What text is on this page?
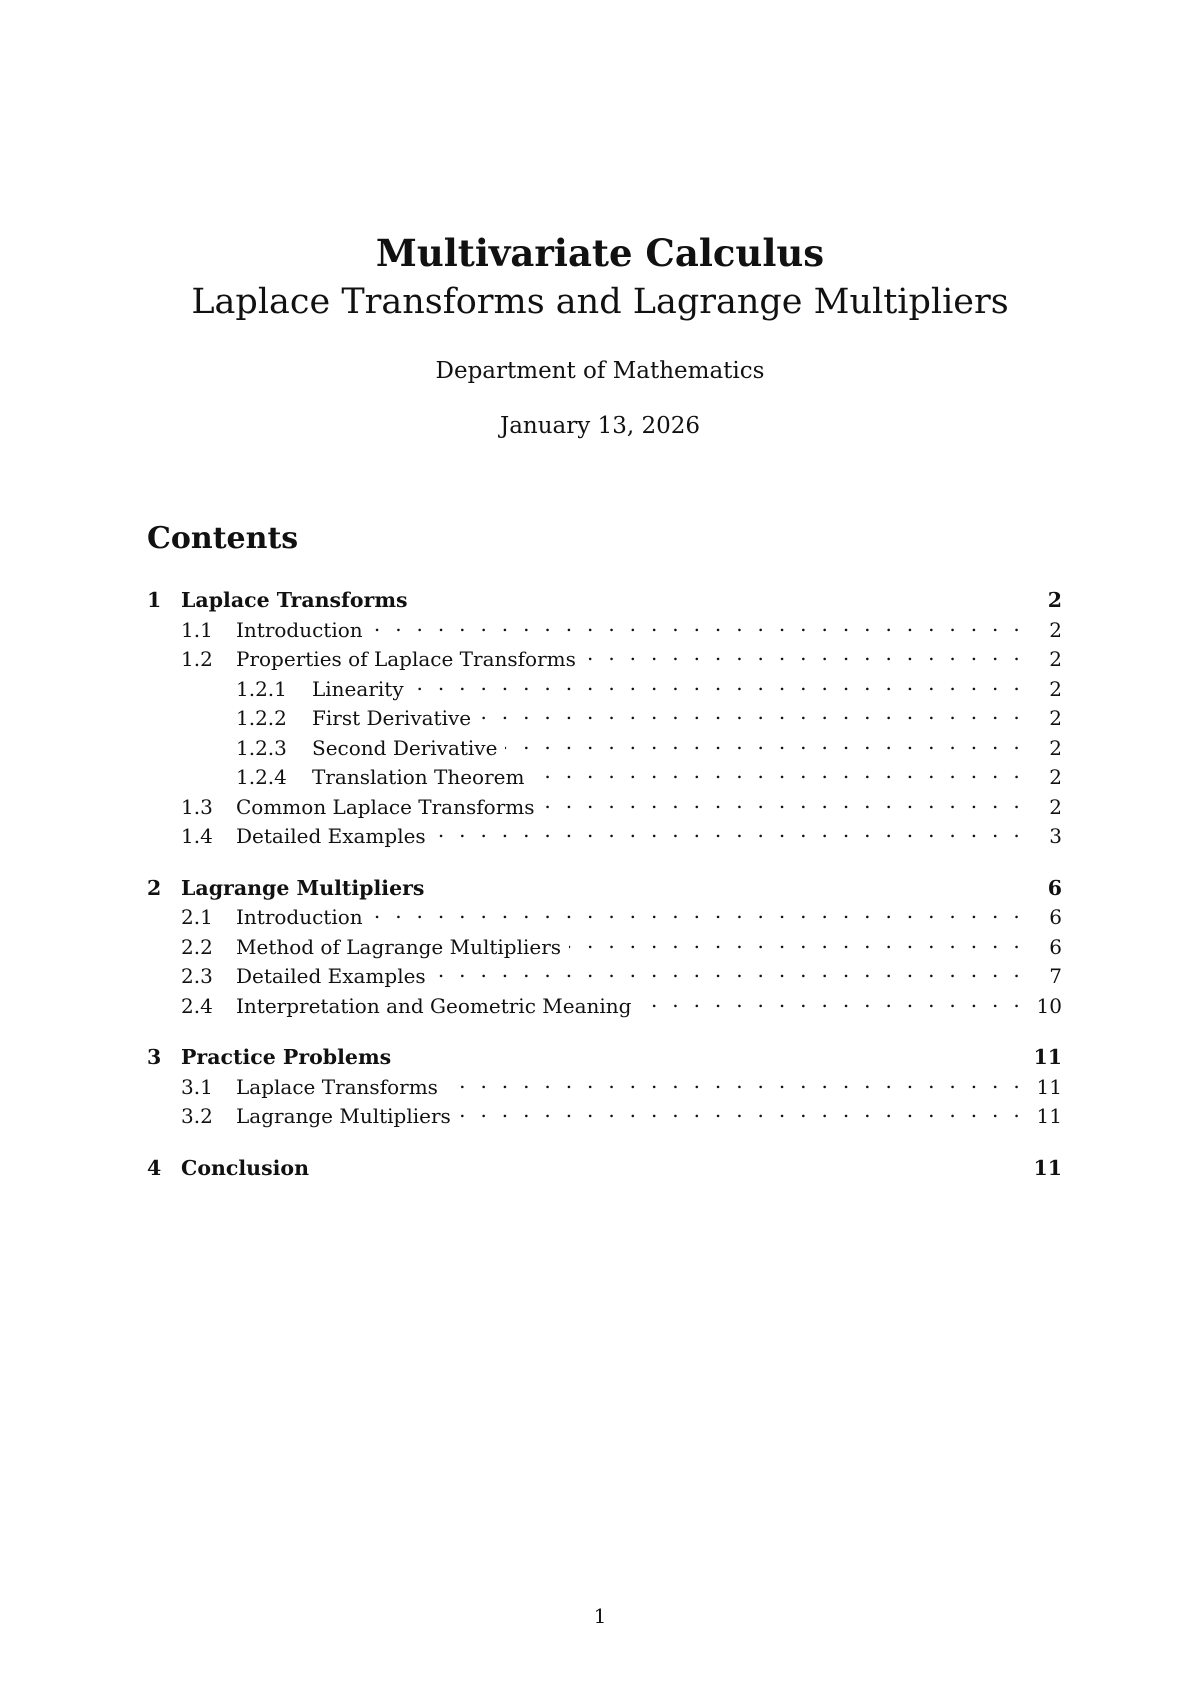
Multivariate Calculus
Laplace Transforms and Lagrange Multipliers
Department of Mathematics
January 13, 2026
Contents
1 Laplace Transforms	2
1.1	Introduction . . .	2
1.2	Properties of Laplace Transforms . . .	2
1.2.1	Linearity . . .	2
1.2.2	First Derivative . . .	2
1.2.3	Second Derivative . . .	2
1.2.4	Translation Theorem . . .	2
1.3	Common Laplace Transforms . . .	2
1.4	Detailed Examples . . .	3
2 Lagrange Multipliers	6
2.1	Introduction . . .	6
2.2	Method of Lagrange Multipliers . . .	6
2.3	Detailed Examples . . .	7
2.4	Interpretation and Geometric Meaning . . .	10
3 Practice Problems	11
3.1	Laplace Transforms . . .	11
3.2	Lagrange Multipliers . . .	11
4 Conclusion	11
1
